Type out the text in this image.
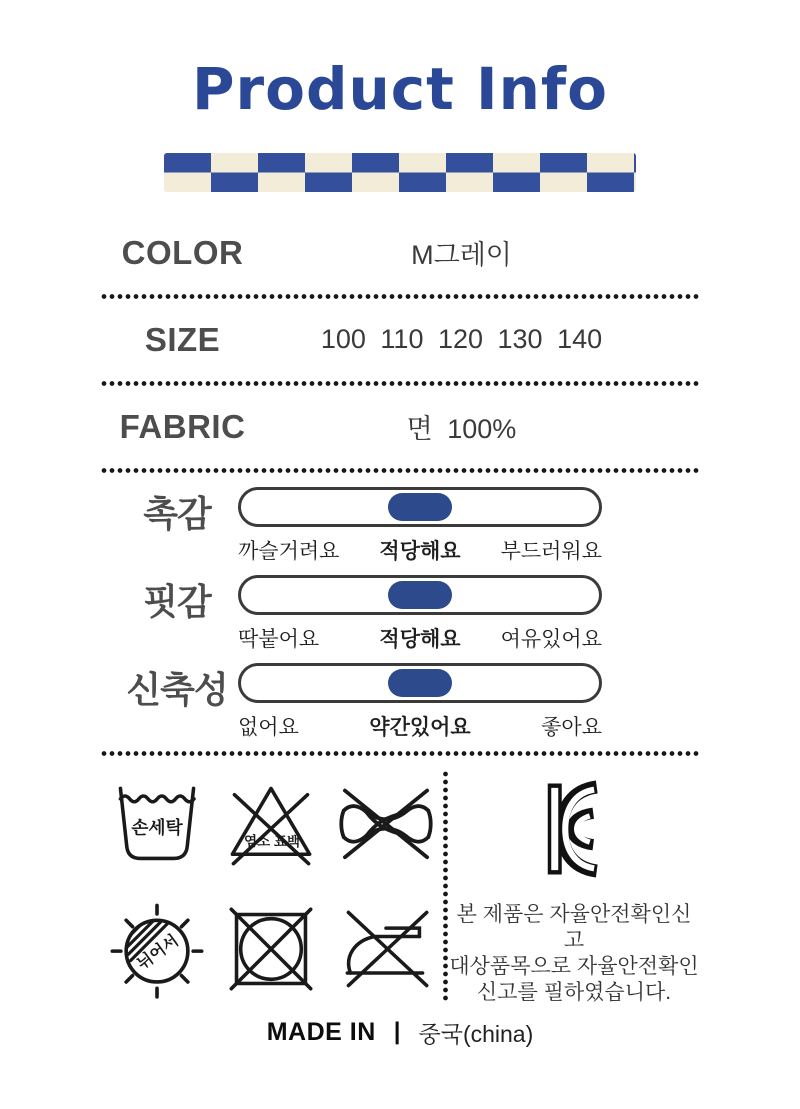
Product Info
COLOR	M그레이
SIZE	100 110 120 130 140
FABRIC	면 100%
촉감
까슬거려요 적당해요 부드러워요
핏감
딱붙어요	적당해요 여유있어요
신축성
없어요	약간있어요	좋아요
손세탁
염소 표백
뉘어서
본 제품은 자율안전확인신고
대상품목으로 자율안전확인
신고를 필하였습니다.
MADE IN | 중국(china)
